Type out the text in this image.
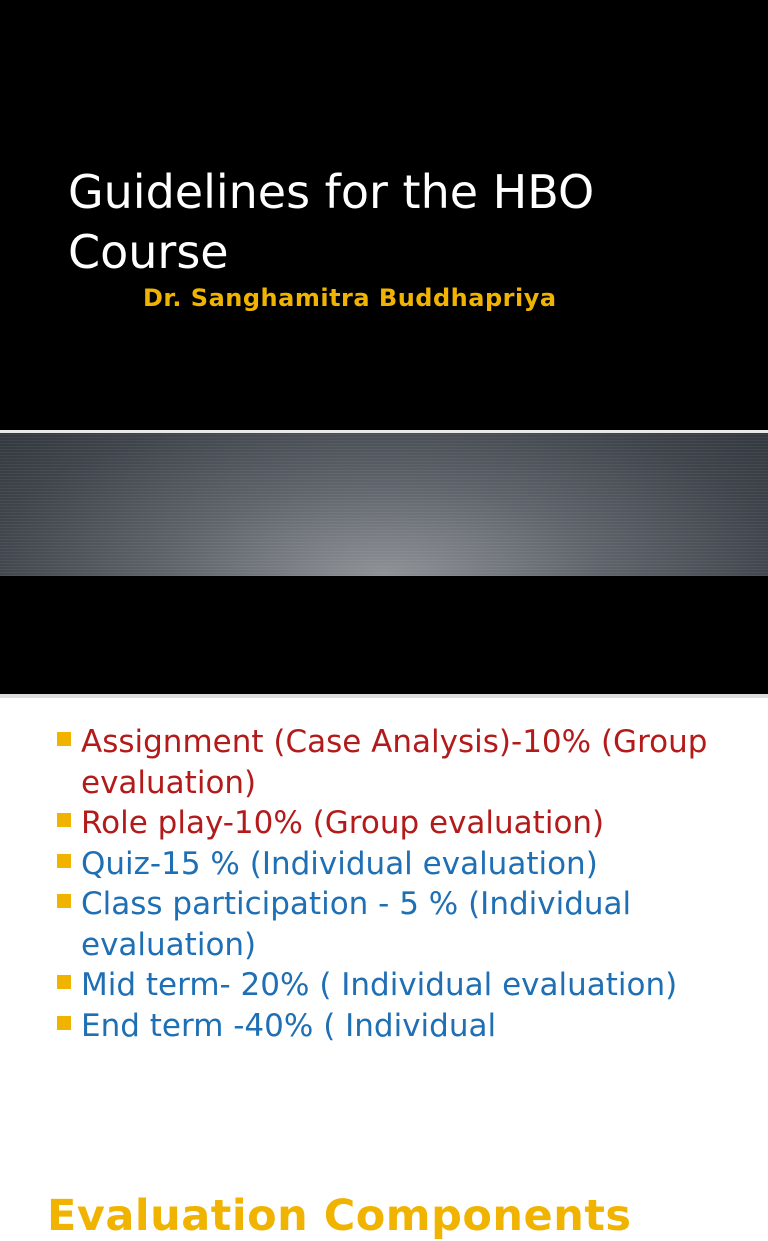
Guidelines for the HBO Course
Dr. Sanghamitra Buddhapriya
Evaluation Components
Assignment (Case Analysis)-10% (Group evaluation)
Role play-10% (Group evaluation)
Quiz-15 % (Individual evaluation)
Class participation - 5 % (Individual evaluation)
Mid term- 20% ( Individual evaluation)
End term -40% ( Individual
